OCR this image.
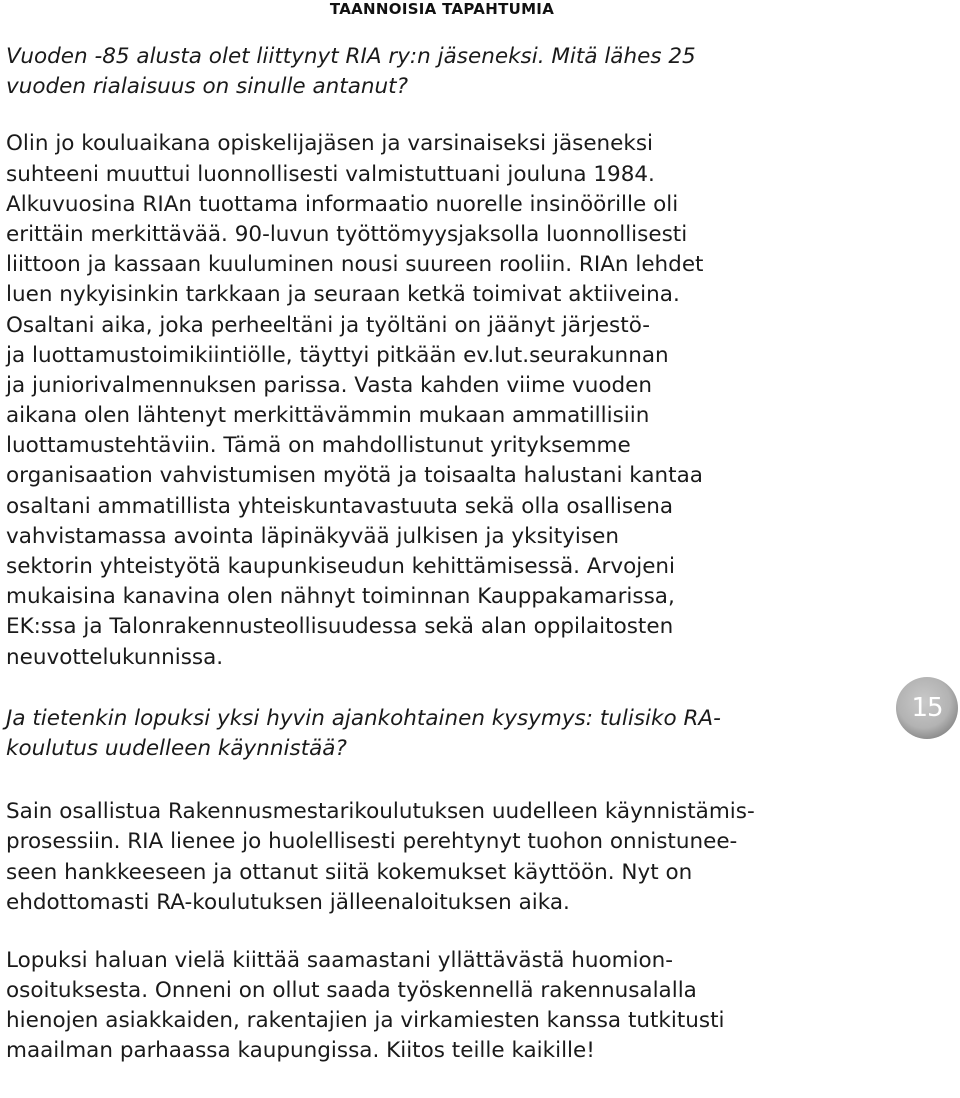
TAANNOISIA TAPAHTUMIA
Vuoden -85 alusta olet liittynyt RIA ry:n jäseneksi. Mitä lähes 25
vuoden rialaisuus on sinulle antanut?
Olin jo kouluaikana opiskelijajäsen ja varsinaiseksi jäseneksi
suhteeni muuttui luonnollisesti valmistuttuani jouluna 1984.
Alkuvuosina RIAn tuottama informaatio nuorelle insinöörille oli
erittäin merkittävää. 90-luvun työttömyysjaksolla luonnollisesti
liittoon ja kassaan kuuluminen nousi suureen rooliin. RIAn lehdet
luen nykyisinkin tarkkaan ja seuraan ketkä toimivat aktiiveina.
Osaltani aika, joka perheeltäni ja työltäni on jäänyt järjestö-
ja luottamustoimikiintiölle, täyttyi pitkään ev.lut.seurakunnan
ja juniorivalmennuksen parissa. Vasta kahden viime vuoden
aikana olen lähtenyt merkittävämmin mukaan ammatillisiin
luottamustehtäviin. Tämä on mahdollistunut yrityksemme
organisaation vahvistumisen myötä ja toisaalta halustani kantaa
osaltani ammatillista yhteiskuntavastuuta sekä olla osallisena
vahvistamassa avointa läpinäkyvää julkisen ja yksityisen
sektorin yhteistyötä kaupunkiseudun kehittämisessä. Arvojeni
mukaisina kanavina olen nähnyt toiminnan Kauppakamarissa,
EK:ssa ja Talonrakennusteollisuudessa sekä alan oppilaitosten
neuvottelukunnissa.
Ja tietenkin lopuksi yksi hyvin ajankohtainen kysymys: tulisiko RA-
koulutus uudelleen käynnistää?
Sain osallistua Rakennusmestarikoulutuksen uudelleen käynnistämis-
prosessiin. RIA lienee jo huolellisesti perehtynyt tuohon onnistunee-
seen hankkeeseen ja ottanut siitä kokemukset käyttöön. Nyt on
ehdottomasti RA-koulutuksen jälleenaloituksen aika.
Lopuksi haluan vielä kiittää saamastani yllättävästä huomion-
osoituksesta. Onneni on ollut saada työskennellä rakennusalalla
hienojen asiakkaiden, rakentajien ja virkamiesten kanssa tutkitusti
maailman parhaassa kaupungissa. Kiitos teille kaikille!
15
